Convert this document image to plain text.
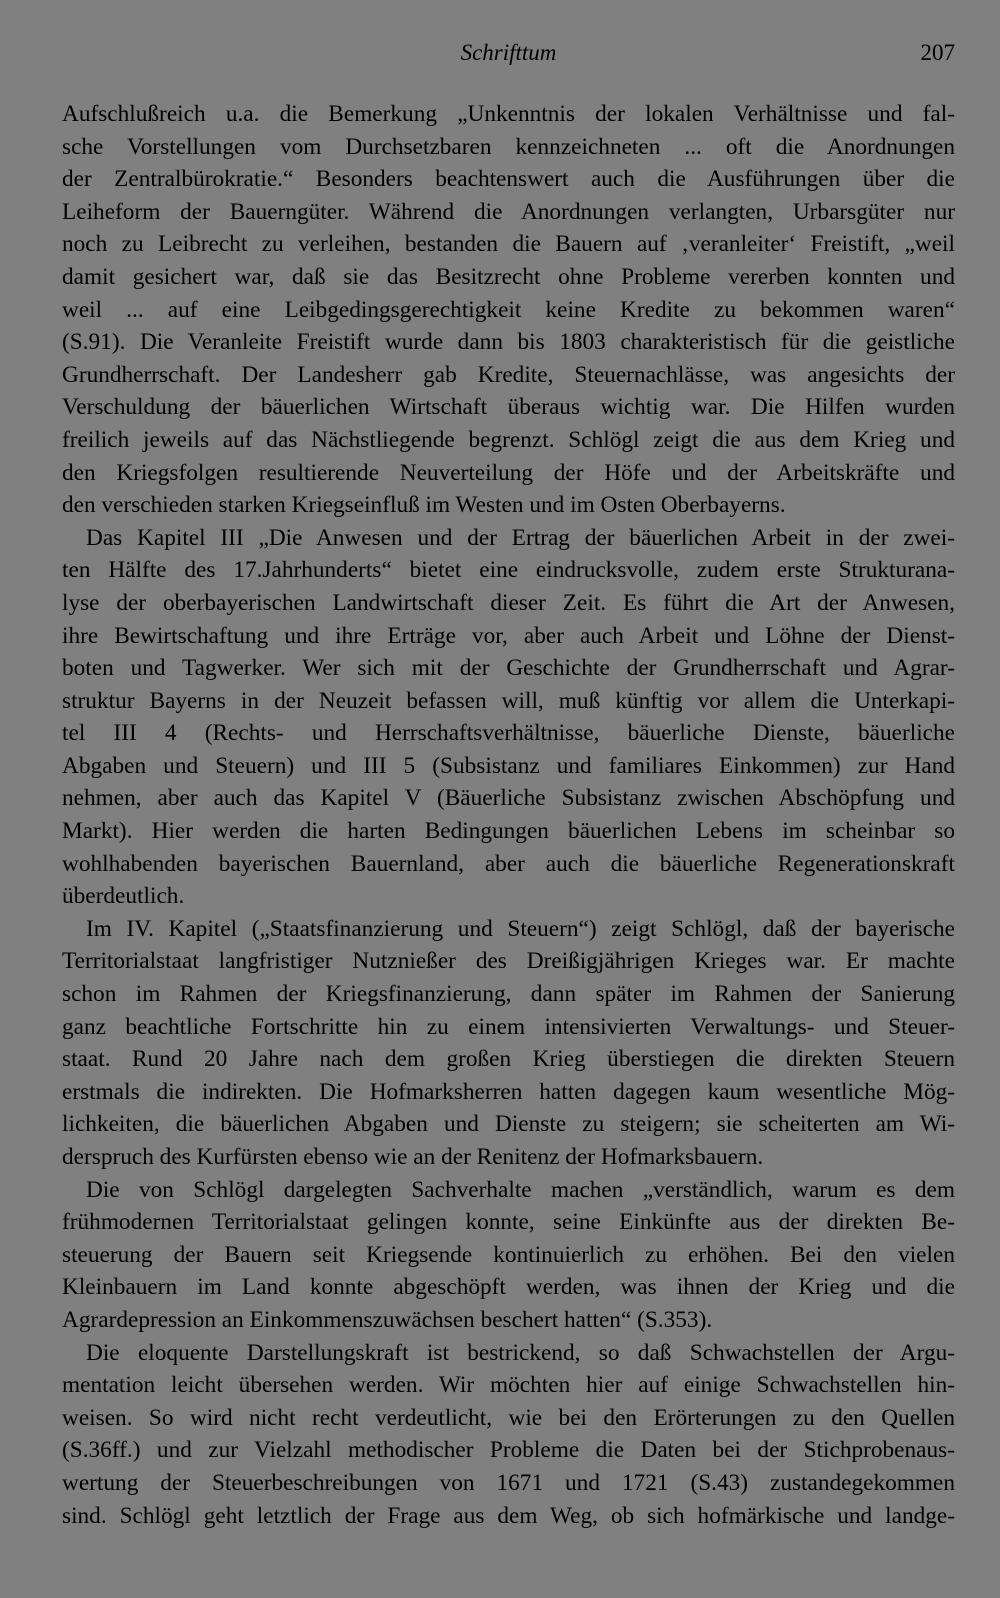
Schrifttum	207
Aufschlußreich u.a. die Bemerkung „Unkenntnis der lokalen Verhältnisse und fal-
sche Vorstellungen vom Durchsetzbaren kennzeichneten ... oft die Anordnungen
der Zentralbürokratie.“ Besonders beachtenswert auch die Ausführungen über die
Leiheform der Bauerngüter. Während die Anordnungen verlangten, Urbarsgüter nur
noch zu Leibrecht zu verleihen, bestanden die Bauern auf ‚veranleiter‘ Freistift, „weil
damit gesichert war, daß sie das Besitzrecht ohne Probleme vererben konnten und
weil ... auf eine Leibgedingsgerechtigkeit keine Kredite zu bekommen waren“
(S.91). Die Veranleite Freistift wurde dann bis 1803 charakteristisch für die geistliche
Grundherrschaft. Der Landesherr gab Kredite, Steuernachlässe, was angesichts der
Verschuldung der bäuerlichen Wirtschaft überaus wichtig war. Die Hilfen wurden
freilich jeweils auf das Nächstliegende begrenzt. Schlögl zeigt die aus dem Krieg und
den Kriegsfolgen resultierende Neuverteilung der Höfe und der Arbeitskräfte und
den verschieden starken Kriegseinfluß im Westen und im Osten Oberbayerns.
Das Kapitel III „Die Anwesen und der Ertrag der bäuerlichen Arbeit in der zwei-
ten Hälfte des 17.Jahrhunderts“ bietet eine eindrucksvolle, zudem erste Strukturana-
lyse der oberbayerischen Landwirtschaft dieser Zeit. Es führt die Art der Anwesen,
ihre Bewirtschaftung und ihre Erträge vor, aber auch Arbeit und Löhne der Dienst-
boten und Tagwerker. Wer sich mit der Geschichte der Grundherrschaft und Agrar-
struktur Bayerns in der Neuzeit befassen will, muß künftig vor allem die Unterkapi-
tel III 4 (Rechts- und Herrschaftsverhältnisse, bäuerliche Dienste, bäuerliche
Abgaben und Steuern) und III 5 (Subsistanz und familiares Einkommen) zur Hand
nehmen, aber auch das Kapitel V (Bäuerliche Subsistanz zwischen Abschöpfung und
Markt). Hier werden die harten Bedingungen bäuerlichen Lebens im scheinbar so
wohlhabenden bayerischen Bauernland, aber auch die bäuerliche Regenerationskraft
überdeutlich.
Im IV. Kapitel („Staatsfinanzierung und Steuern“) zeigt Schlögl, daß der bayerische
Territorialstaat langfristiger Nutznießer des Dreißigjährigen Krieges war. Er machte
schon im Rahmen der Kriegsfinanzierung, dann später im Rahmen der Sanierung
ganz beachtliche Fortschritte hin zu einem intensivierten Verwaltungs- und Steuer-
staat. Rund 20 Jahre nach dem großen Krieg überstiegen die direkten Steuern
erstmals die indirekten. Die Hofmarksherren hatten dagegen kaum wesentliche Mög-
lichkeiten, die bäuerlichen Abgaben und Dienste zu steigern; sie scheiterten am Wi-
derspruch des Kurfürsten ebenso wie an der Renitenz der Hofmarksbauern.
Die von Schlögl dargelegten Sachverhalte machen „verständlich, warum es dem
frühmodernen Territorialstaat gelingen konnte, seine Einkünfte aus der direkten Be-
steuerung der Bauern seit Kriegsende kontinuierlich zu erhöhen. Bei den vielen
Kleinbauern im Land konnte abgeschöpft werden, was ihnen der Krieg und die
Agrardepression an Einkommenszuwächsen beschert hatten“ (S.353).
Die eloquente Darstellungskraft ist bestrickend, so daß Schwachstellen der Argu-
mentation leicht übersehen werden. Wir möchten hier auf einige Schwachstellen hin-
weisen. So wird nicht recht verdeutlicht, wie bei den Erörterungen zu den Quellen
(S.36ff.) und zur Vielzahl methodischer Probleme die Daten bei der Stichprobenaus-
wertung der Steuerbeschreibungen von 1671 und 1721 (S.43) zustandegekommen
sind. Schlögl geht letztlich der Frage aus dem Weg, ob sich hofmärkische und landge-
